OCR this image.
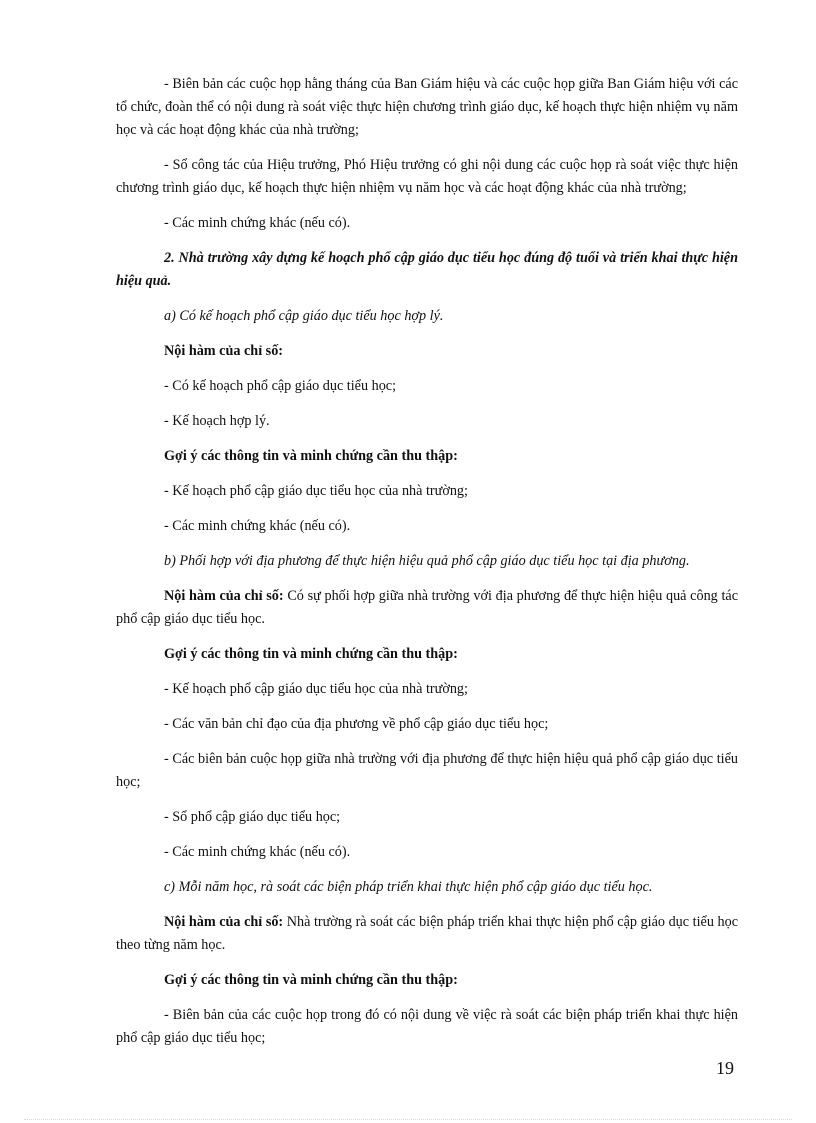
- Biên bản các cuộc họp hằng tháng của Ban Giám hiệu và các cuộc họp giữa Ban Giám hiệu với các tổ chức, đoàn thể có nội dung rà soát việc thực hiện chương trình giáo dục, kế hoạch thực hiện nhiệm vụ năm học và các hoạt động khác của nhà trường;

- Sổ công tác của Hiệu trưởng, Phó Hiệu trưởng có ghi nội dung các cuộc họp rà soát việc thực hiện chương trình giáo dục, kế hoạch thực hiện nhiệm vụ năm học và các hoạt động khác của nhà trường;

- Các minh chứng khác (nếu có).

2. Nhà trường xây dựng kế hoạch phổ cập giáo dục tiểu học đúng độ tuổi và triển khai thực hiện hiệu quả.

a) Có kế hoạch phổ cập giáo dục tiểu học hợp lý.

Nội hàm của chỉ số:

- Có kế hoạch phổ cập giáo dục tiểu học;

- Kế hoạch hợp lý.

Gợi ý các thông tin và minh chứng cần thu thập:

- Kế hoạch phổ cập giáo dục tiểu học của nhà trường;

- Các minh chứng khác (nếu có).

b) Phối hợp với địa phương để thực hiện hiệu quả phổ cập giáo dục tiểu học tại địa phương.

Nội hàm của chỉ số: Có sự phối hợp giữa nhà trường với địa phương để thực hiện hiệu quả công tác phổ cập giáo dục tiểu học.

Gợi ý các thông tin và minh chứng cần thu thập:

- Kế hoạch phổ cập giáo dục tiểu học của nhà trường;

- Các văn bản chỉ đạo của địa phương về phổ cập giáo dục tiểu học;

- Các biên bản cuộc họp giữa nhà trường với địa phương để thực hiện hiệu quả phổ cập giáo dục tiểu học;

- Sổ phổ cập giáo dục tiểu học;

- Các minh chứng khác (nếu có).

c) Mỗi năm học, rà soát các biện pháp triển khai thực hiện phổ cập giáo dục tiểu học.

Nội hàm của chỉ số: Nhà trường rà soát các biện pháp triển khai thực hiện phổ cập giáo dục tiểu học theo từng năm học.

Gợi ý các thông tin và minh chứng cần thu thập:

- Biên bản của các cuộc họp trong đó có nội dung về việc rà soát các biện pháp triển khai thực hiện phổ cập giáo dục tiểu học;

19
